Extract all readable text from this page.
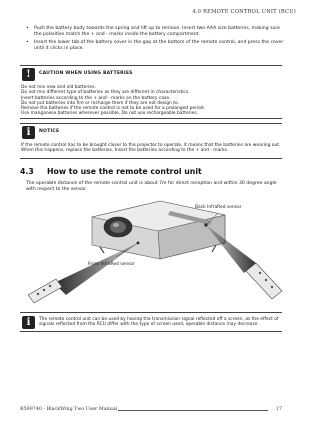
4.0 REMOTE CONTROL UNIT (RCU)
• Push the battery body towards the spring and lift up to remove. Insert two AAA size batteries, making sure the polarities match the + and - marks inside the battery compartment.
• Insert the lower tab of the battery cover in the gap at the bottom of the remote control, and press the cover until it clicks in place.
!	CAUTION WHEN USING BATTERIES

Do not mix new and old batteries.

Do not mix different type of batteries as they are different in characteristics.

Insert batteries according to the + and - marks on the battery case.

Do not put batteries into fire or recharge them if they are not design to.

Remove the batteries if the remote control is not to be used for a prolonged period.

Use manganese batteries wherever possible, Do not use rechargeable batteries.

i	NOTICE

If the remote control has to be brought closer to the projector to operate, it means that the batteries are wearing out. When this happens, replace the batteries. Insert the batteries according to the + and - marks.

4.3 How to use the remote control unit
The operable distance of the remote control unit is about 7m for direct reception and within 30 degree angle with respect to the sensor.
Back InfraRed sensor
Front InfraRed sensor
i	The remote control unit can be used by having the transmission signal reflected off a screen, as the effect of signals reflected from the RCU differ with the type of screen used, operable distance may decrease.

R599740 - BlackWing Two User Manual	17
